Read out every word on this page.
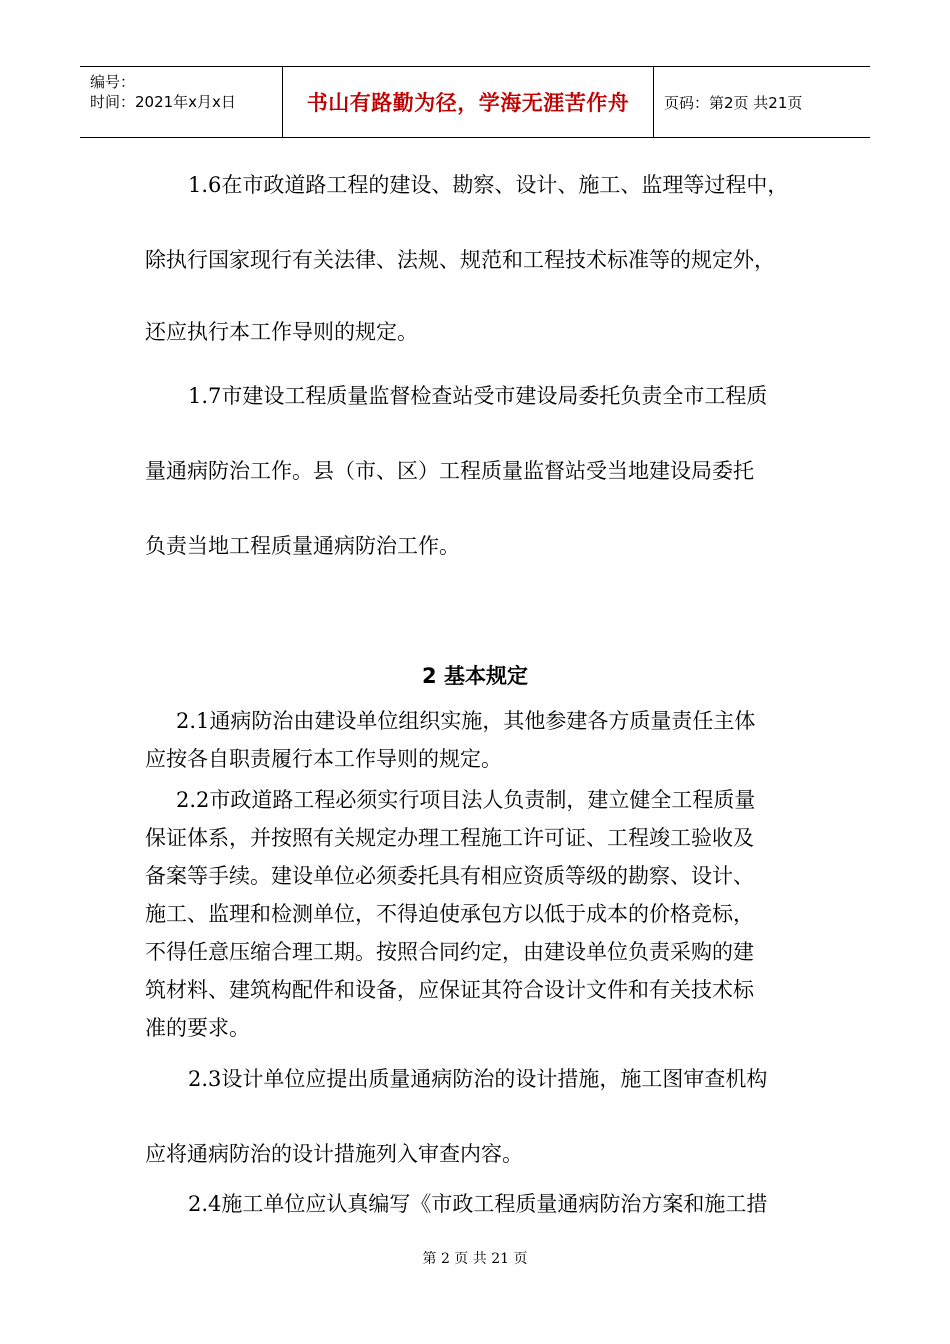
编号：
时间：2021年x月x日	书山有路勤为径，学海无涯苦作舟 页码：第2页 共21页
1.6在市政道路工程的建设、勘察、设计、施工、监理等过程中，
除执行国家现行有关法律、法规、规范和工程技术标准等的规定外，
还应执行本工作导则的规定。
1.7市建设工程质量监督检查站受市建设局委托负责全市工程质
量通病防治工作。县（市、区）工程质量监督站受当地建设局委托
负责当地工程质量通病防治工作。
2 基本规定
2.1通病防治由建设单位组织实施，其他参建各方质量责任主体
应按各自职责履行本工作导则的规定。
2.2市政道路工程必须实行项目法人负责制，建立健全工程质量
保证体系，并按照有关规定办理工程施工许可证、工程竣工验收及
备案等手续。建设单位必须委托具有相应资质等级的勘察、设计、
施工、监理和检测单位，不得迫使承包方以低于成本的价格竞标，
不得任意压缩合理工期。按照合同约定，由建设单位负责采购的建
筑材料、建筑构配件和设备，应保证其符合设计文件和有关技术标
准的要求。
2.3设计单位应提出质量通病防治的设计措施，施工图审查机构
应将通病防治的设计措施列入审查内容。
2.4施工单位应认真编写《市政工程质量通病防治方案和施工措
第 2 页 共 21 页
